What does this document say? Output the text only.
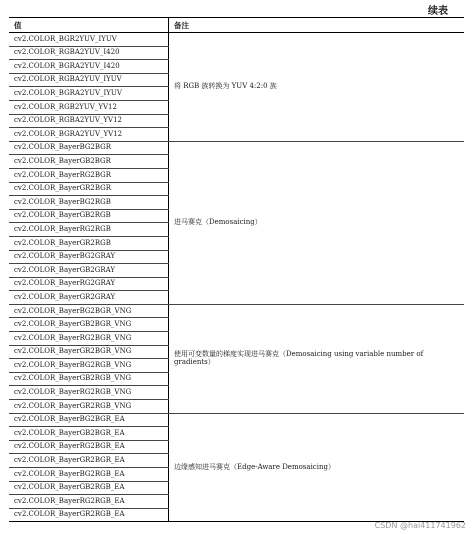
续表
值	备注
cv2.COLOR_BGR2YUV_IYUV	将 RGB 族转换为 YUV 4:2:0 族
cv2.COLOR_RGBA2YUV_I420	
cv2.COLOR_BGRA2YUV_I420	
cv2.COLOR_RGBA2YUV_IYUV	
cv2.COLOR_BGRA2YUV_IYUV	
cv2.COLOR_RGB2YUV_YV12	
cv2.COLOR_RGBA2YUV_YV12	
cv2.COLOR_BGRA2YUV_YV12	
cv2.COLOR_BayerBG2BGR	进马赛克（Demosaicing）
cv2.COLOR_BayerGB2BGR	
cv2.COLOR_BayerRG2BGR	
cv2.COLOR_BayerGR2BGR	
cv2.COLOR_BayerBG2RGB	
cv2.COLOR_BayerGB2RGB	
cv2.COLOR_BayerRG2RGB	
cv2.COLOR_BayerGR2RGB	
cv2.COLOR_BayerBG2GRAY	
cv2.COLOR_BayerGB2GRAY	
cv2.COLOR_BayerRG2GRAY	
cv2.COLOR_BayerGR2GRAY	
cv2.COLOR_BayerBG2BGR_VNG	使用可变数量的梯度实现进马赛克（Demosaicing using variable number of gradients）
cv2.COLOR_BayerGB2BGR_VNG	
cv2.COLOR_BayerRG2BGR_VNG	
cv2.COLOR_BayerGR2BGR_VNG	
cv2.COLOR_BayerBG2RGB_VNG	
cv2.COLOR_BayerGB2RGB_VNG	
cv2.COLOR_BayerRG2RGB_VNG	
cv2.COLOR_BayerGR2RGB_VNG	
cv2.COLOR_BayerBG2BGR_EA	边缘感知进马赛克（Edge-Aware Demosaicing）
cv2.COLOR_BayerGB2BGR_EA	
cv2.COLOR_BayerRG2BGR_EA	
cv2.COLOR_BayerGR2BGR_EA	
cv2.COLOR_BayerBG2RGB_EA	
cv2.COLOR_BayerGB2RGB_EA	
cv2.COLOR_BayerRG2RGB_EA	
cv2.COLOR_BayerGR2RGB_EA	
CSDN @hai411741962
